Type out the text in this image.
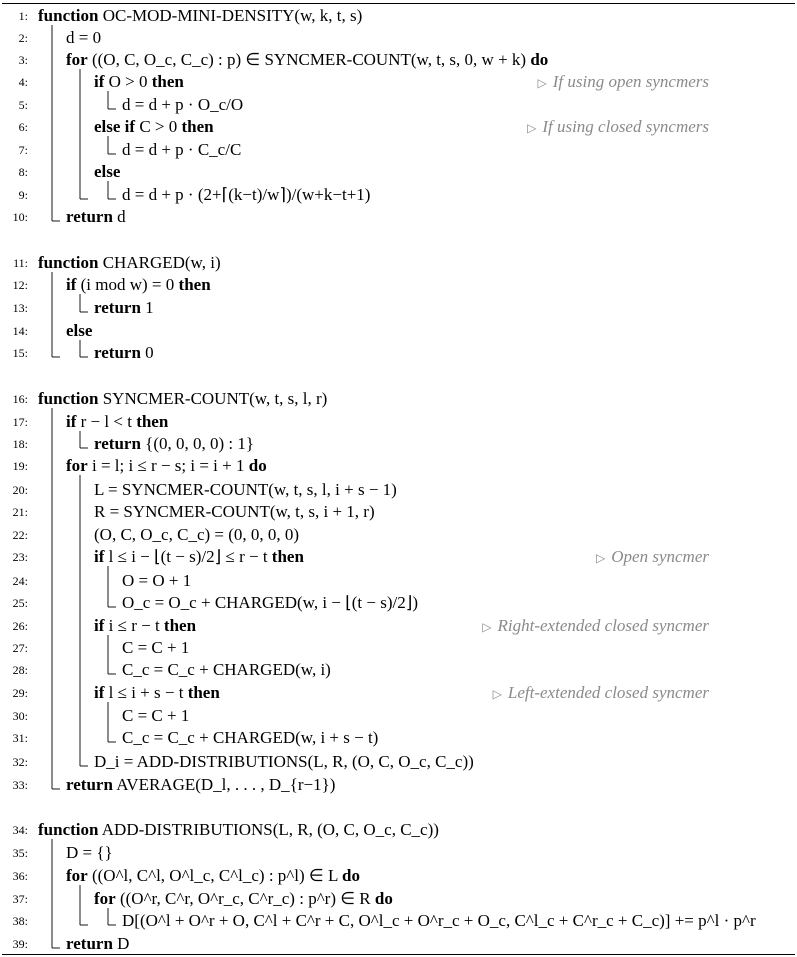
1: function OC-MOD-MINI-DENSITY(w, k, t, s)
2: d = 0
3: for ((O, C, O_c, C_c) : p) ∈ SYNCMER-COUNT(w, t, s, 0, w + k) do
4:	if O > 0 then	▷ If using open syncmers
5:	d = d + p · O_c/O
6:	else if C > 0 then	▷ If using closed syncmers
7:	d = d + p · C_c/C
8:	else
9:	d = d + p · (2+⌈(k−t)/w⌉)/(w+k−t+1)
10: return d
11: function CHARGED(w, i)
12: if (i mod w) = 0 then
13:	return 1
14: else
15:	return 0
16: function SYNCMER-COUNT(w, t, s, l, r)
17: if r − l < t then
18:	return {(0, 0, 0, 0) : 1}
19: for i = l; i ≤ r − s; i = i + 1 do
20:	L = SYNCMER-COUNT(w, t, s, l, i + s − 1)
21:	R = SYNCMER-COUNT(w, t, s, i + 1, r)
22:	(O, C, O_c, C_c) = (0, 0, 0, 0)
23:	if l ≤ i − ⌊(t − s)/2⌋ ≤ r − t then	▷ Open syncmer
24:	O = O + 1
25:	O_c = O_c + CHARGED(w, i − ⌊(t − s)/2⌋)
26:	if i ≤ r − t then	▷ Right-extended closed syncmer
27:	C = C + 1
28:	C_c = C_c + CHARGED(w, i)
29:	if l ≤ i + s − t then	▷ Left-extended closed syncmer
30:	C = C + 1
31:	C_c = C_c + CHARGED(w, i + s − t)
32:	D_i = ADD-DISTRIBUTIONS(L, R, (O, C, O_c, C_c))
33: return AVERAGE(D_l, . . . , D_{r−1})
34: function ADD-DISTRIBUTIONS(L, R, (O, C, O_c, C_c))
35: D = {}
36: for ((O^l, C^l, O^l_c, C^l_c) : p^l) ∈ L do
37:	for ((O^r, C^r, O^r_c, C^r_c) : p^r) ∈ R do
38:	D[(O^l + O^r + O, C^l + C^r + C, O^l_c + O^r_c + O_c, C^l_c + C^r_c + C_c)] += p^l · p^r
39: return D
